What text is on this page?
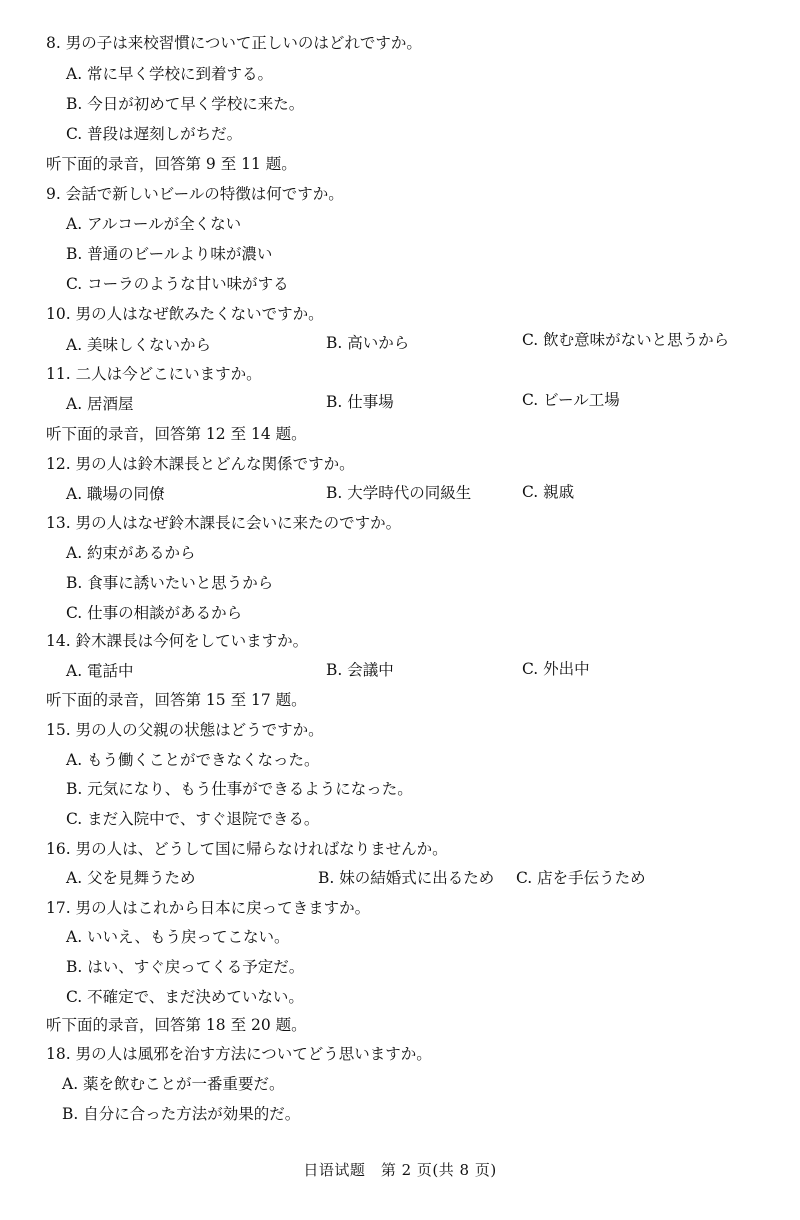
8. 男の子は来校習慣について正しいのはどれですか。
A. 常に早く学校に到着する。
B. 今日が初めて早く学校に来た。
C. 普段は遅刻しがちだ。
听下面的录音，回答第 9 至 11 题。
9. 会話で新しいビールの特徴は何ですか。
A. アルコールが全くない
B. 普通のビールより味が濃い
C. コーラのような甘い味がする
10. 男の人はなぜ飲みたくないですか。
A. 美味しくないから	B. 高いから	C. 飲む意味がないと思うから
11. 二人は今どこにいますか。
A. 居酒屋	B. 仕事場	C. ビール工場
听下面的录音，回答第 12 至 14 题。
12. 男の人は鈴木課長とどんな関係ですか。
A. 職場の同僚	B. 大学時代の同級生	C. 親戚
13. 男の人はなぜ鈴木課長に会いに来たのですか。
A. 約束があるから
B. 食事に誘いたいと思うから
C. 仕事の相談があるから
14. 鈴木課長は今何をしていますか。
A. 電話中	B. 会議中	C. 外出中
听下面的录音，回答第 15 至 17 题。
15. 男の人の父親の状態はどうですか。
A. もう働くことができなくなった。
B. 元気になり、もう仕事ができるようになった。
C. まだ入院中で、すぐ退院できる。
16. 男の人は、どうして国に帰らなければなりませんか。
A. 父を見舞うため	B. 妹の結婚式に出るため C. 店を手伝うため
17. 男の人はこれから日本に戻ってきますか。
A. いいえ、もう戻ってこない。
B. はい、すぐ戻ってくる予定だ。
C. 不確定で、まだ決めていない。
听下面的录音，回答第 18 至 20 题。
18. 男の人は風邪を治す方法についてどう思いますか。
A. 薬を飲むことが一番重要だ。
B. 自分に合った方法が効果的だ。
日语试题　第 2 页(共 8 页)
